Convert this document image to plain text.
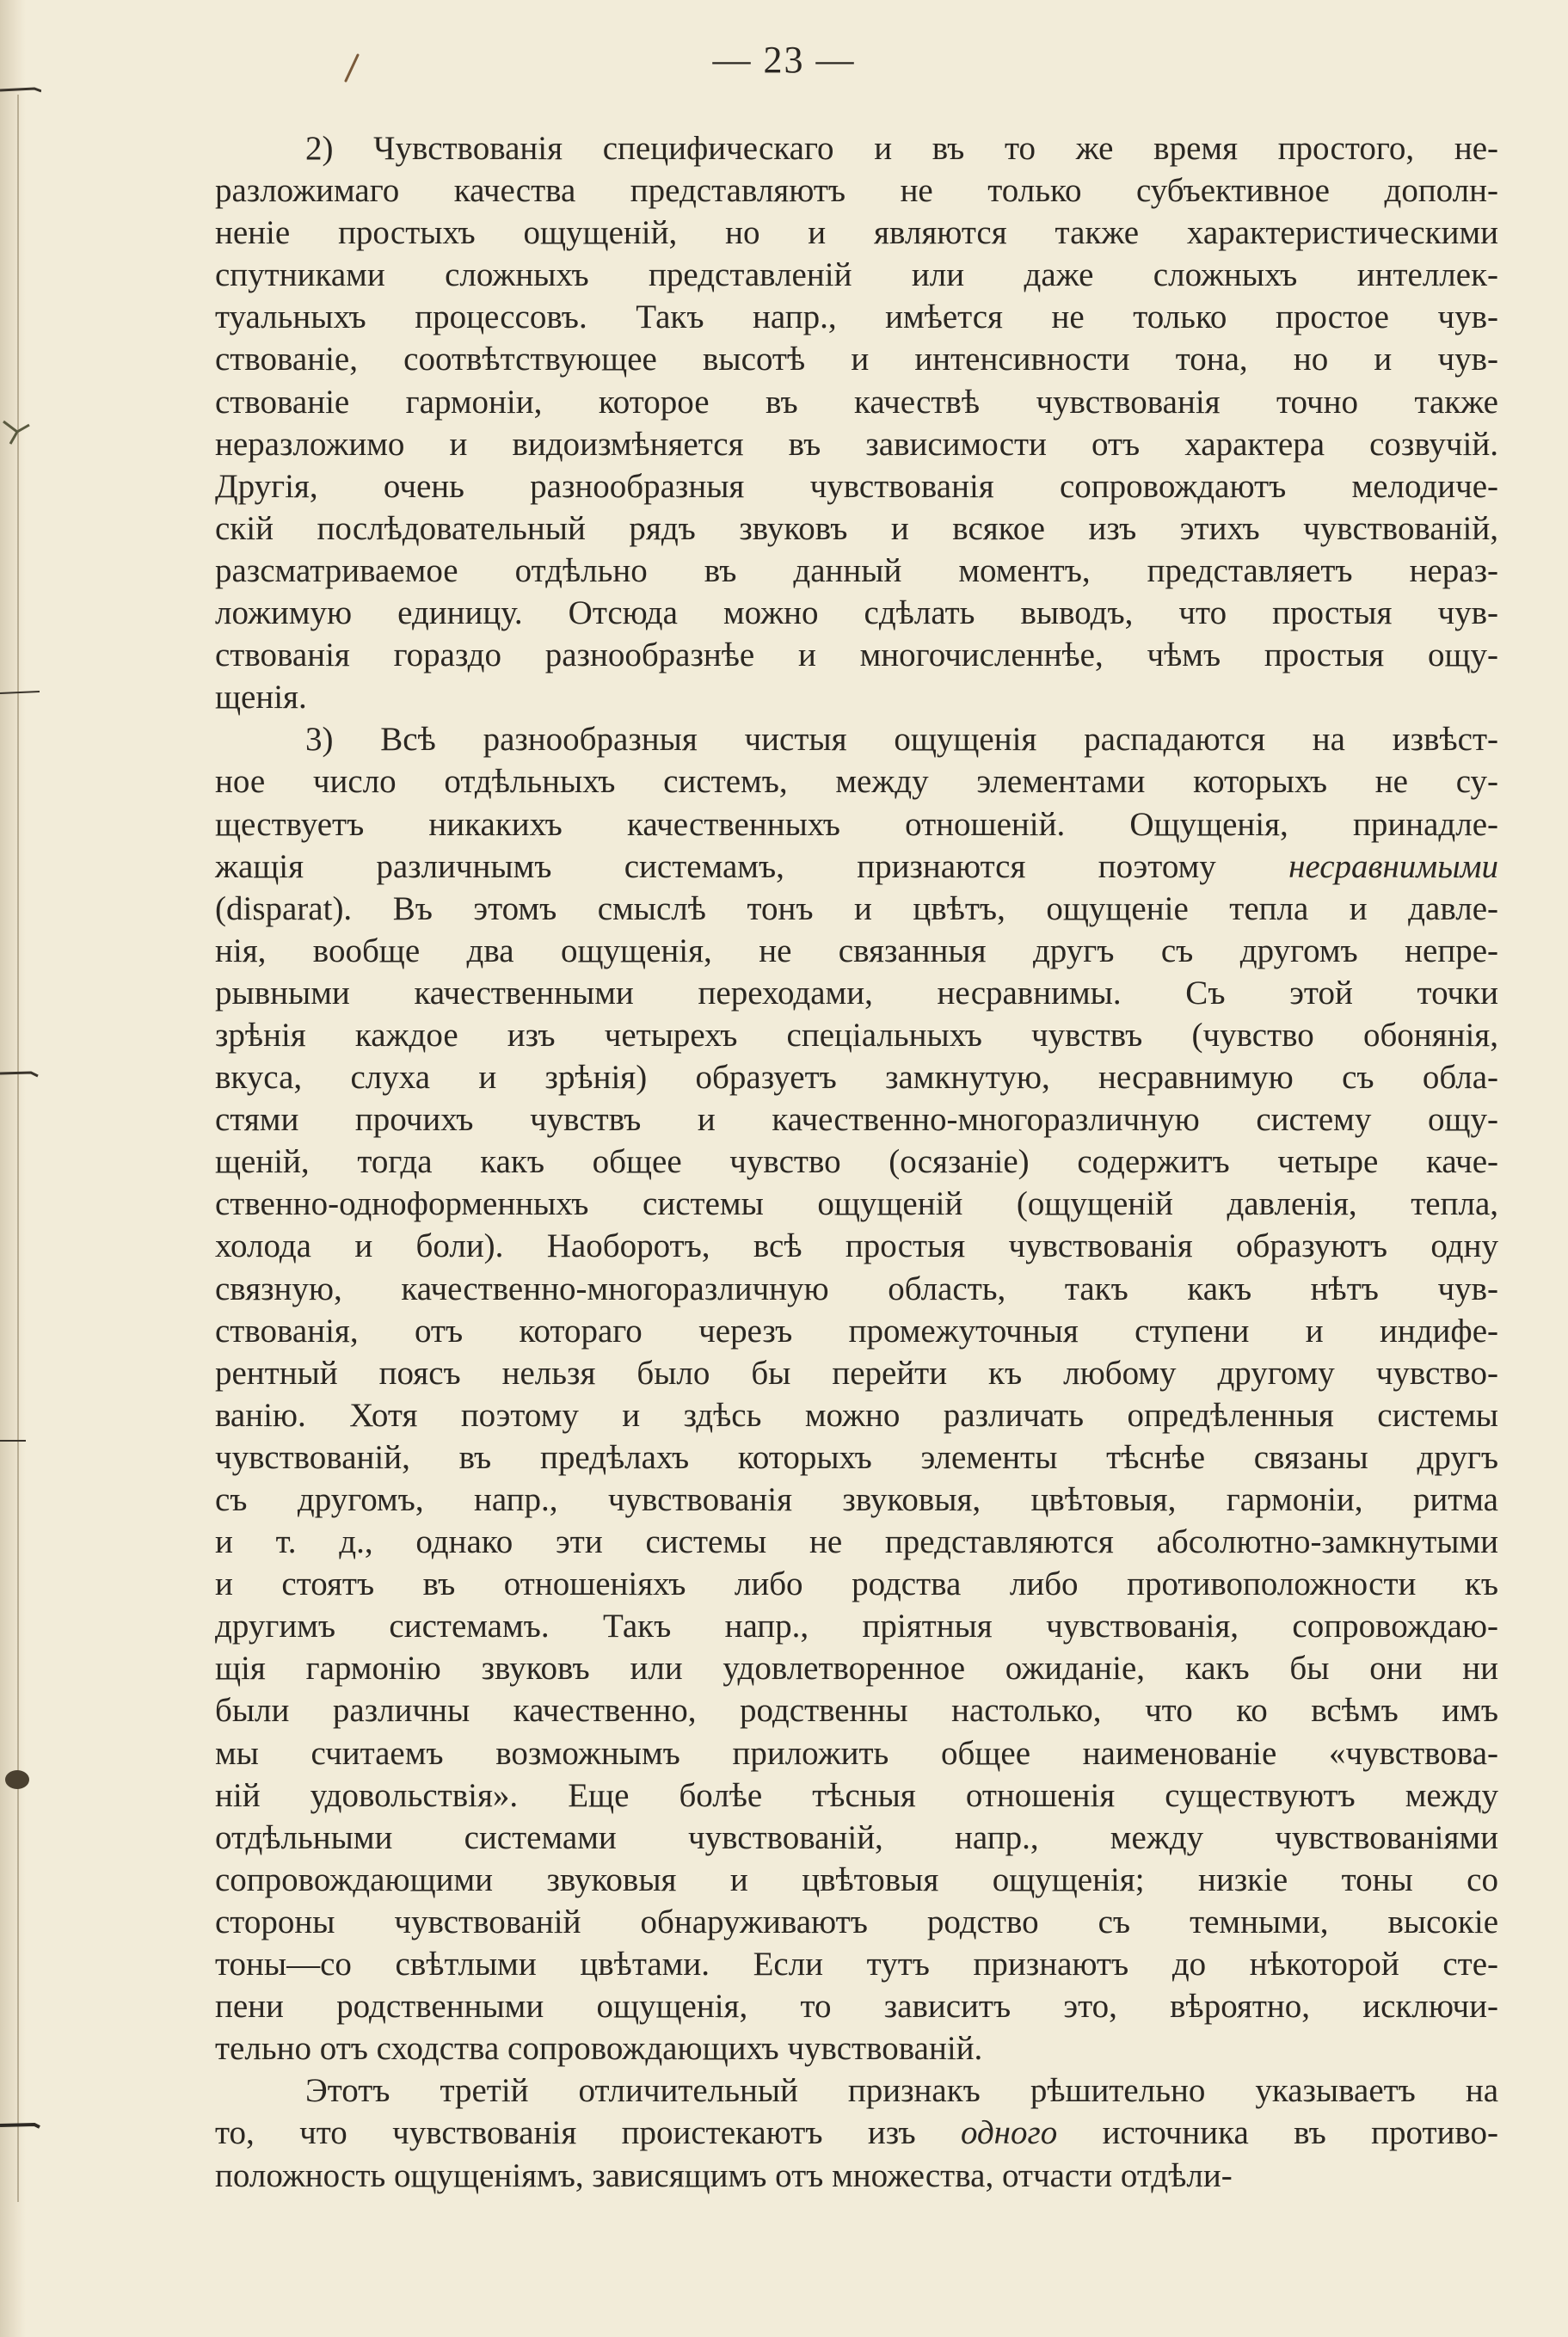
— 23 —
2) Чувствованія специфическаго и въ то же время простого, не-
разложимаго качества представляютъ не только субъективное дополн-
неніе простыхъ ощущеній, но и являются также характеристическими
спутниками сложныхъ представленій или даже сложныхъ интеллек-
туальныхъ процессовъ. Такъ напр., имѣется не только простое чув-
ствованіе, соотвѣтствующее высотѣ и интенсивности тона, но и чув-
ствованіе гармоніи, которое въ качествѣ чувствованія точно также
неразложимо и видоизмѣняется въ зависимости отъ характера созвучій.
Другія, очень разнообразныя чувствованія сопровождаютъ мелодиче-
скій послѣдовательный рядъ звуковъ и всякое изъ этихъ чувствованій,
разсматриваемое отдѣльно въ данный моментъ, представляетъ нераз-
ложимую единицу. Отсюда можно сдѣлать выводъ, что простыя чув-
ствованія гораздо разнообразнѣе и многочисленнѣе, чѣмъ простыя ощу-
щенія.
3) Всѣ разнообразныя чистыя ощущенія распадаются на извѣст-
ное число отдѣльныхъ системъ, между элементами которыхъ не су-
ществуетъ никакихъ качественныхъ отношеній. Ощущенія, принадле-
жащія различнымъ системамъ, признаются поэтому несравнимыми
(disparat). Въ этомъ смыслѣ тонъ и цвѣтъ, ощущеніе тепла и давле-
нія, вообще два ощущенія, не связанныя другъ съ другомъ непре-
рывными качественными переходами, несравнимы. Съ этой точки
зрѣнія каждое изъ четырехъ спеціальныхъ чувствъ (чувство обонянія,
вкуса, слуха и зрѣнія) образуетъ замкнутую, несравнимую съ обла-
стями прочихъ чувствъ и качественно-многоразличную систему ощу-
щеній, тогда какъ общее чувство (осязаніе) содержитъ четыре каче-
ственно-одноформенныхъ системы ощущеній (ощущеній давленія, тепла,
холода и боли). Наоборотъ, всѣ простыя чувствованія образуютъ одну
связную, качественно-многоразличную область, такъ какъ нѣтъ чув-
ствованія, отъ котораго черезъ промежуточныя ступени и индифе-
рентный поясъ нельзя было бы перейти къ любому другому чувство-
ванію. Хотя поэтому и здѣсь можно различать опредѣленныя системы
чувствованій, въ предѣлахъ которыхъ элементы тѣснѣе связаны другъ
съ другомъ, напр., чувствованія звуковыя, цвѣтовыя, гармоніи, ритма
и т. д., однако эти системы не представляются абсолютно-замкнутыми
и стоятъ въ отношеніяхъ либо родства либо противоположности къ
другимъ системамъ. Такъ напр., пріятныя чувствованія, сопровождаю-
щія гармонію звуковъ или удовлетворенное ожиданіе, какъ бы они ни
были различны качественно, родственны настолько, что ко всѣмъ имъ
мы считаемъ возможнымъ приложить общее наименованіе «чувствова-
ній удовольствія». Еще болѣе тѣсныя отношенія существуютъ между
отдѣльными системами чувствованій, напр., между чувствованіями
сопровождающими звуковыя и цвѣтовыя ощущенія; низкіе тоны со
стороны чувствованій обнаруживаютъ родство съ темными, высокіе
тоны—со свѣтлыми цвѣтами. Если тутъ признаютъ до нѣкоторой сте-
пени родственными ощущенія, то зависитъ это, вѣроятно, исключи-
тельно отъ сходства сопровождающихъ чувствованій.
Этотъ третій отличительный признакъ рѣшительно указываетъ на
то, что чувствованія проистекаютъ изъ одного источника въ противо-
положность ощущеніямъ, зависящимъ отъ множества, отчасти отдѣли-
